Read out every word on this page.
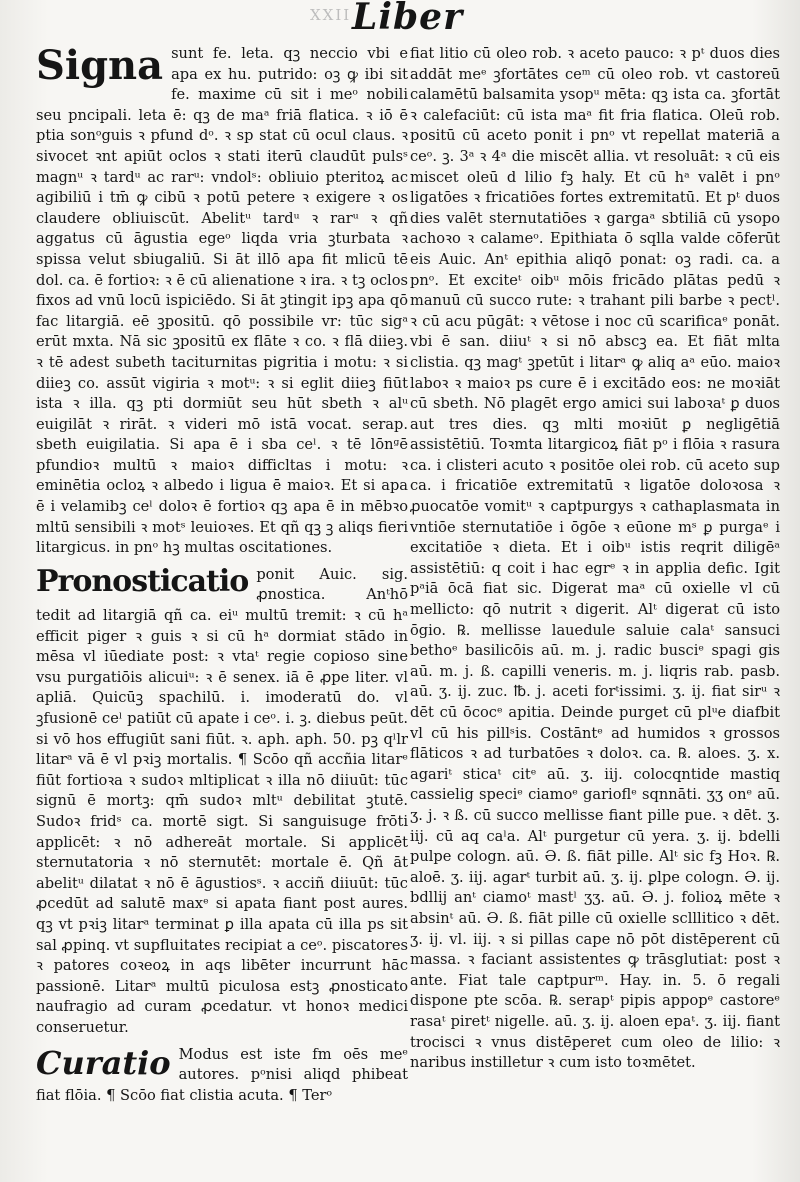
XXII Liber
Signa sunt fe. leta. qꝫ neccio vbi e apa ex hu. putrido: oꝫ ꝙ ibi sit fe. maxime cū sit i meᵒ nobili seu pncipali. leta ē: qꝫ de maᵃ friā flatica. ꝛ iō ē ptia sonᵒguis ꝛ pfund dᵒ. ꝛ sp stat cū ocul claus. ꝛ sivocet ꝛnt apiūt oclos ꝛ stati iterū claudūt pulsˢ magnᵘ ꝛ tardᵘ ac rarᵘ: vndolˢ: obliuio pteritoꝝ ac agibiliū i tm̄ ꝙ cibū ꝛ potū petere ꝛ exigere ꝛ os claudere obliuiscūt. Abelitᵘ tardᵘ ꝛ rarᵘ ꝛ qñ aggatus cū āgustia egeᵒ liqda vria ꝫturbata ꝛ spissa velut sbiugaliū. Si āt illō apa fit mlicū tē dol. ca. ē fortioꝛ: ꝛ ē cū alienatione ꝛ ira. ꝛ tꝫ oclos fixos ad vnū locū ispiciēdo. Si āt ꝫtingit ipꝫ apa qō fac litargiā. eē ꝫpositū. qō possibile vr: tūc sigᵃ erūt mxta. Nā sic ꝫpositū ex flāte ꝛ co. ꝛ flā diieꝫ. ꝛ tē adest subeth taciturnitas pigritia i motu: ꝛ si diieꝫ co. assūt vigiria ꝛ motᵘ: ꝛ si eglit diieꝫ fiūt ista ꝛ illa. qꝫ pti dormiūt seu hūt sbeth ꝛ alᵘ euigilāt ꝛ rirāt. ꝛ videri mō istā vocat. serap. sbeth euigilatia. Si apa ē i sba ceˡ. ꝛ tē lōnᵍē pfundioꝛ multū ꝛ maioꝛ difficltas i motu: ꝛ eminētia ocloꝝ ꝛ albedo i ligua ē maioꝛ. Et si apa ē i velamibꝫ ceˡ doloꝛ ē fortioꝛ qꝫ apa ē in mēbꝛo mltū sensibili ꝛ motˢ leuioꝛes. Et qñ qꝫ ꝫ aliqs fieri litargicus. in pnᵒ hꝫ multas oscitationes.

Pronosticatio ponit Auic. sig. ꝓnostica. Anᵗhō tedit ad litargiā qñ ca. eiᵘ multū tremit: ꝛ cū hᵃ efficit piger ꝛ guis ꝛ si cū hᵃ dormiat stādo in mēsa vl iūediate post: ꝛ vtaᵗ regie copioso sine vsu purgatiōis alicuiᵘ: ꝛ ē senex. iā ē ꝓpe liter. vl apliā. Quicūꝫ spachilū. i. imoderatū do. vl ꝫfusionē ceˡ patiūt cū apate i ceᵒ. i. ꝫ. diebus peūt. si vō hos effugiūt sani fiūt. ꝛ. aph. aph. 50. pꝫ qˡlr litarᵃ vā ē vl pꝛiꝫ mortalis. ¶ Scōo qñ accñia litarᵉ fiūt fortioꝛa ꝛ sudoꝛ mltiplicat ꝛ illa nō diiuūt: tūc signū ē mortꝫ: qm̄ sudoꝛ mltᵘ debilitat ꝫtutē. Sudoꝛ fridˢ ca. mortē sigt. Si sanguisuge frōti applicēt: ꝛ nō adhereāt mortale. Si applicēt sternutatoria ꝛ nō sternutēt: mortale ē. Qñ āt abelitᵘ dilatat ꝛ nō ē āgustiosˢ. ꝛ acciñ diiuūt: tūc ꝓcedūt ad salutē maxᵉ si apata fiant post aures. qꝫ vt pꝛiꝫ litarᵃ terminat ꝑ illa apata cū illa ps sit sal ꝓpinq. vt supfluitates recipiat a ceᵒ. piscatores ꝛ patores coꝛeoꝝ in aqs libēter incurrunt hāc passionē. Litarᵃ multū piculosa estꝫ ꝓnosticato naufragio ad curam ꝓcedatur. vt honoꝛ medici conseruetur.

Curatio Modus est iste fm oēs meᵉ autores. pᵒnisi aliqd phibeat fiat flōia. ¶ Scōo fiat clistia acuta. ¶ Terᵒ

fiat litio cū oleo rob. ꝛ aceto pauco: ꝛ pᵗ duos dies addāt meᵉ ꝫfortātes ceᵐ cū oleo rob. vt castoreū calamētū balsamita ysopᵘ mēta: qꝫ ista ca. ꝫfortāt ꝛ calefaciūt: cū ista maᵃ fit fria flatica. Oleū rob. positū cū aceto ponit i pnᵒ vt repellat materiā a ceᵒ. ꝫ. 3ᵃ ꝛ 4ᵃ die miscēt allia. vt resoluāt: ꝛ cū eis miscet oleū d lilio fꝫ haly. Et cū hᵃ valēt i pnᵒ ligatōes ꝛ fricatiōes fortes extremitatū. Et pᵗ duos dies valēt sternutatiōes ꝛ gargaᵃ sbtiliā cū ysopo achoꝛo ꝛ calameᵒ. Epithiata ō sqlla valde cōferūt eis Auic. Anᵗ epithia aliqō ponat: oꝫ radi. ca. a pnᵒ. Et exciteᵗ oibᵘ mōis fricādo plātas pedū ꝛ manuū cū succo rute: ꝛ trahant pili barbe ꝛ pectˡ. ꝛ cū acu pūgāt: ꝛ vētose i noc cū scarificaᵉ ponāt. vbi ē san. diiuᵗ ꝛ si nō abscꝫ ea. Et fiāt mlta clistia. qꝫ magᵗ ꝫpetūt i litarᵃ ꝙ aliq aᵃ eūo. maioꝛ laboꝛ ꝛ maioꝛ ps cure ē i excitādo eos: ne moꝛiāt cū sbeth. Nō plagēt ergo amici sui laboꝛaᵗ ꝑ duos aut tres dies. qꝫ mlti moꝛiūt ꝑ negligētiā assistētiū. Toꝛmta litargicoꝝ fiāt pᵒ i flōia ꝛ rasura ca. i clisteri acuto ꝛ positōe olei rob. cū aceto sup ca. i fricatiōe extremitatū ꝛ ligatōe doloꝛosa ꝛ ꝓuocatōe vomitᵘ ꝛ captpurgys ꝛ cathaplasmata in vntiōe sternutatiōe i ōgōe ꝛ eūone mˢ ꝑ purgaᵉ i excitatiōe ꝛ dieta. Et i oibᵘ istis reqrit diligēᵃ assistētiū: q coit i hac egrᵉ ꝛ in applia defic. Igit pᵃiā ōcā fiat sic. Digerat maᵃ cū oxielle vl cū mellicto: qō nutrit ꝛ digerit. Alᵗ digerat cū isto ōgio. ℞. mellisse lauedule saluie calaᵗ sansuci bethoᵉ basilicōis aū. m. j. radic busciᵉ spagi gis aū. m. j. ß. capilli veneris. m. j. liqris rab. pasb. aū. ʒ. ij. zuc. ℔. j. aceti forᵗissimi. ʒ. ij. fiat sirᵘ ꝛ dēt cū ōcocᵉ apitia. Deinde purget cū plᵘe diafbit vl cū his pillˢis. Costāntᵉ ad humidos ꝛ grossos flāticos ꝛ ad turbatōes ꝛ doloꝛ. ca. ℞. aloes. ʒ. x. agariᵗ sticaᵗ citᵉ aū. ʒ. iij. colocqntide mastiq cassielig speciᵉ ciamoᵉ garioflᵉ sqnnāti. ʒʒ onᵉ aū. ʒ. j. ꝛ ß. cū succo mellisse fiant pille pue. ꝛ dēt. ʒ. iij. cū aq caˡa. Alᵗ purgetur cū yera. ʒ. ij. bdelli pulpe cologn. aū. Ə. ß. fiāt pille. Alᵗ sic fꝫ Hoꝛ. ℞. aloē. ʒ. iij. agarᵗ turbit aū. ʒ. ij. ꝑlpe cologn. Ə. ij. bdllij anᵗ ciamoᵗ mastˡ ʒʒ. aū. Ə. j. folioꝝ mēte ꝛ absinᵗ aū. Ə. ß. fiāt pille cū oxielle sclllitico ꝛ dēt. ʒ. ij. vl. iij. ꝛ si pillas cape nō pōt distēperent cū massa. ꝛ faciant assistentes ꝙ trāsglutiat: post ꝛ ante. Fiat tale captpurᵐ. Hay. in. 5. ō regali dispone pte scōa. ℞. serapᵗ pipis appopᵉ castoreᵉ rasaᵗ piretᵗ nigelle. aū. ʒ. ij. aloen epaᵗ. ʒ. iij. fiant trocisci ꝛ vnus distēperet cum oleo de lilio: ꝛ naribus instilletur ꝛ cum isto toꝛmētet.
